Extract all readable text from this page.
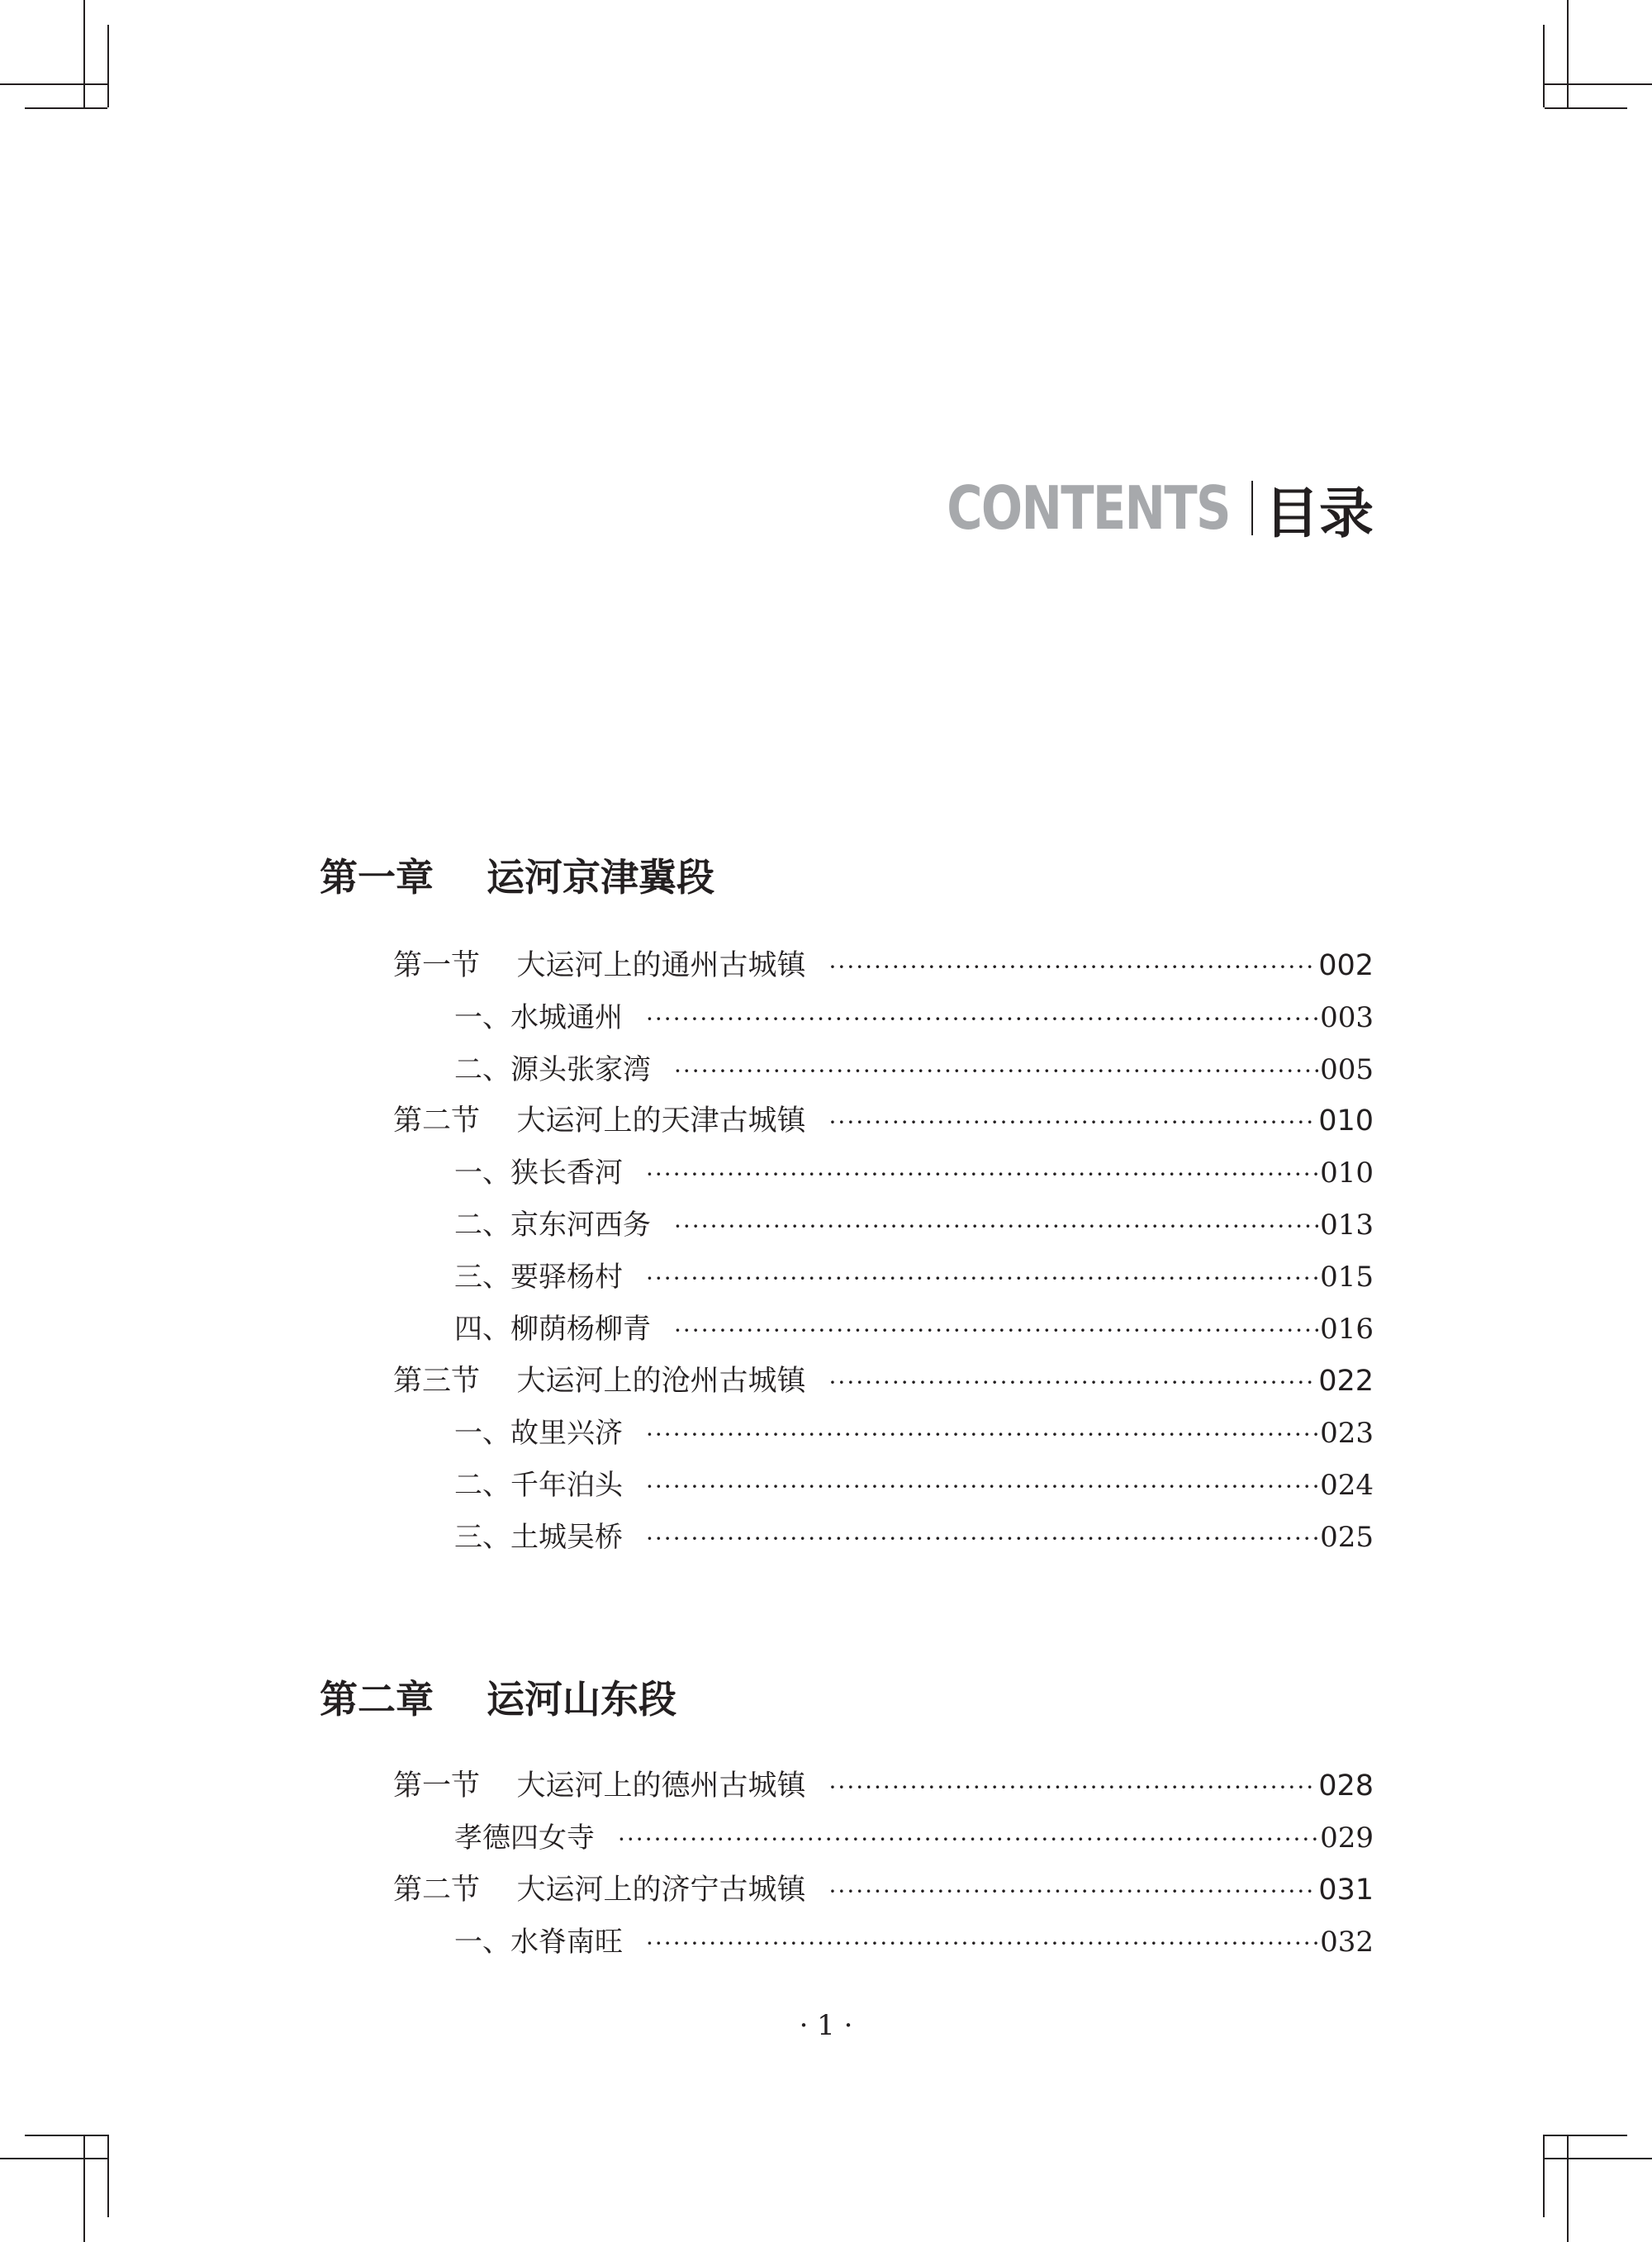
CONTENTS 目录
第一章    运河京津冀段
第一节    大运河上的通州古城镇 ·····	002
一、水城通州 ·····	003
二、源头张家湾 ·····	005
第二节    大运河上的天津古城镇 ·····	010
一、狭长香河 ·····	010
二、京东河西务 ·····	013
三、要驿杨村 ·····	015
四、柳荫杨柳青 ·····	016
第三节    大运河上的沧州古城镇 ·····	022
一、故里兴济 ·····	023
二、千年泊头 ·····	024
三、土城吴桥 ·····	025
第二章    运河山东段
第一节    大运河上的德州古城镇 ·····	028
孝德四女寺 ·····	029
第二节    大运河上的济宁古城镇 ·····	031
一、水脊南旺 ·····	032
· 1 ·
